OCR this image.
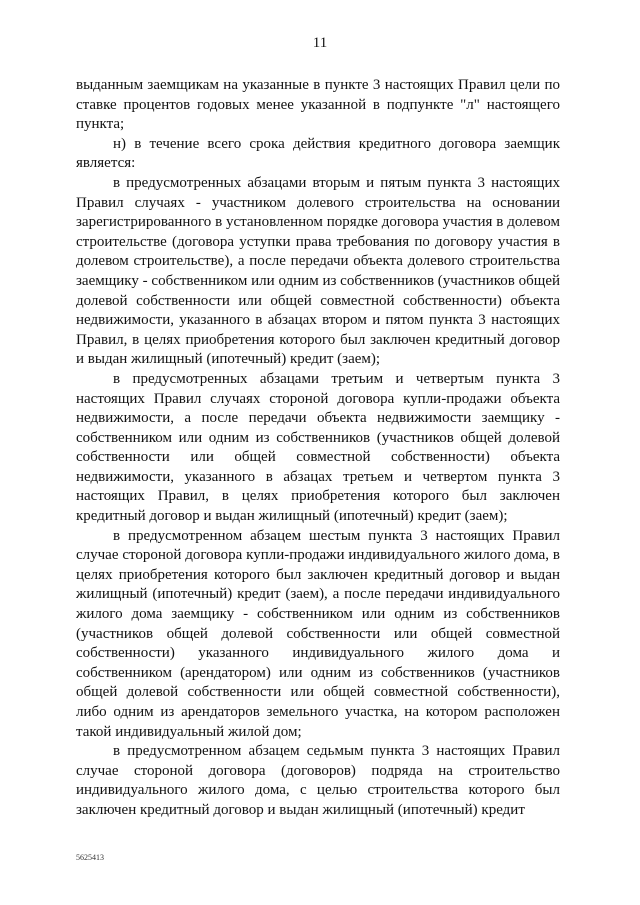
11

выданным заемщикам на указанные в пункте 3 настоящих Правил цели по ставке процентов годовых менее указанной в подпункте "л" настоящего пункта;

н) в течение всего срока действия кредитного договора заемщик является:

в предусмотренных абзацами вторым и пятым пункта 3 настоящих Правил случаях - участником долевого строительства на основании зарегистрированного в установленном порядке договора участия в долевом строительстве (договора уступки права требования по договору участия в долевом строительстве), а после передачи объекта долевого строительства заемщику - собственником или одним из собственников (участников общей долевой собственности или общей совместной собственности) объекта недвижимости, указанного в абзацах втором и пятом пункта 3 настоящих Правил, в целях приобретения которого был заключен кредитный договор и выдан жилищный (ипотечный) кредит (заем);

в предусмотренных абзацами третьим и четвертым пункта 3 настоящих Правил случаях стороной договора купли-продажи объекта недвижимости, а после передачи объекта недвижимости заемщику - собственником или одним из собственников (участников общей долевой собственности или общей совместной собственности) объекта недвижимости, указанного в абзацах третьем и четвертом пункта 3 настоящих Правил, в целях приобретения которого был заключен кредитный договор и выдан жилищный (ипотечный) кредит (заем);

в предусмотренном абзацем шестым пункта 3 настоящих Правил случае стороной договора купли-продажи индивидуального жилого дома, в целях приобретения которого был заключен кредитный договор и выдан жилищный (ипотечный) кредит (заем), а после передачи индивидуального жилого дома заемщику - собственником или одним из собственников (участников общей долевой собственности или общей совместной собственности) указанного индивидуального жилого дома и собственником (арендатором) или одним из собственников (участников общей долевой собственности или общей совместной собственности), либо одним из арендаторов земельного участка, на котором расположен такой индивидуальный жилой дом;

в предусмотренном абзацем седьмым пункта 3 настоящих Правил случае стороной договора (договоров) подряда на строительство индивидуального жилого дома, с целью строительства которого был заключен кредитный договор и выдан жилищный (ипотечный) кредит

5625413
